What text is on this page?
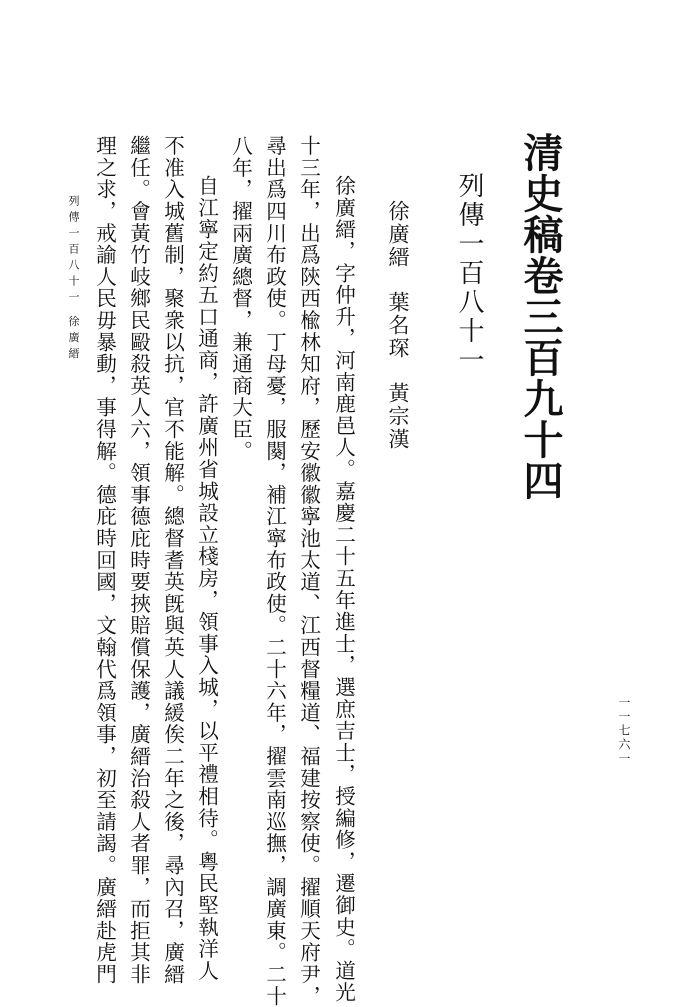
清史稿卷三百九十四
列傳一百八十一
徐廣縉葉名琛黃宗漢
徐廣縉，字仲升，河南鹿邑人。嘉慶二十五年進士，選庶吉士，授編修，遷御史。道光
十三年，出爲陝西楡林知府，歷安徽徽寧池太道、江西督糧道、福建按察使。擢順天府尹，
尋出爲四川布政使。丁母憂，服闋，補江寧布政使。二十六年，擢雲南巡撫，調廣東。二十
八年，擢兩廣總督，兼通商大臣。
自江寧定約五口通商，許廣州省城設立棧房，領事入城，以平禮相待。粵民堅執洋人
不准入城舊制，聚衆以抗，官不能解。總督耆英旣與英人議緩俟二年之後，尋內召，廣縉
繼任。會黃竹岐鄉民毆殺英人六，領事德庇時要挾賠償保護，廣縉治殺人者罪，而拒其非
理之求，戒諭人民毋暴動，事得解。德庇時回國，文翰代爲領事，初至請謁。廣縉赴虎門
列傳一百八十一 徐廣縉
一一七六一
